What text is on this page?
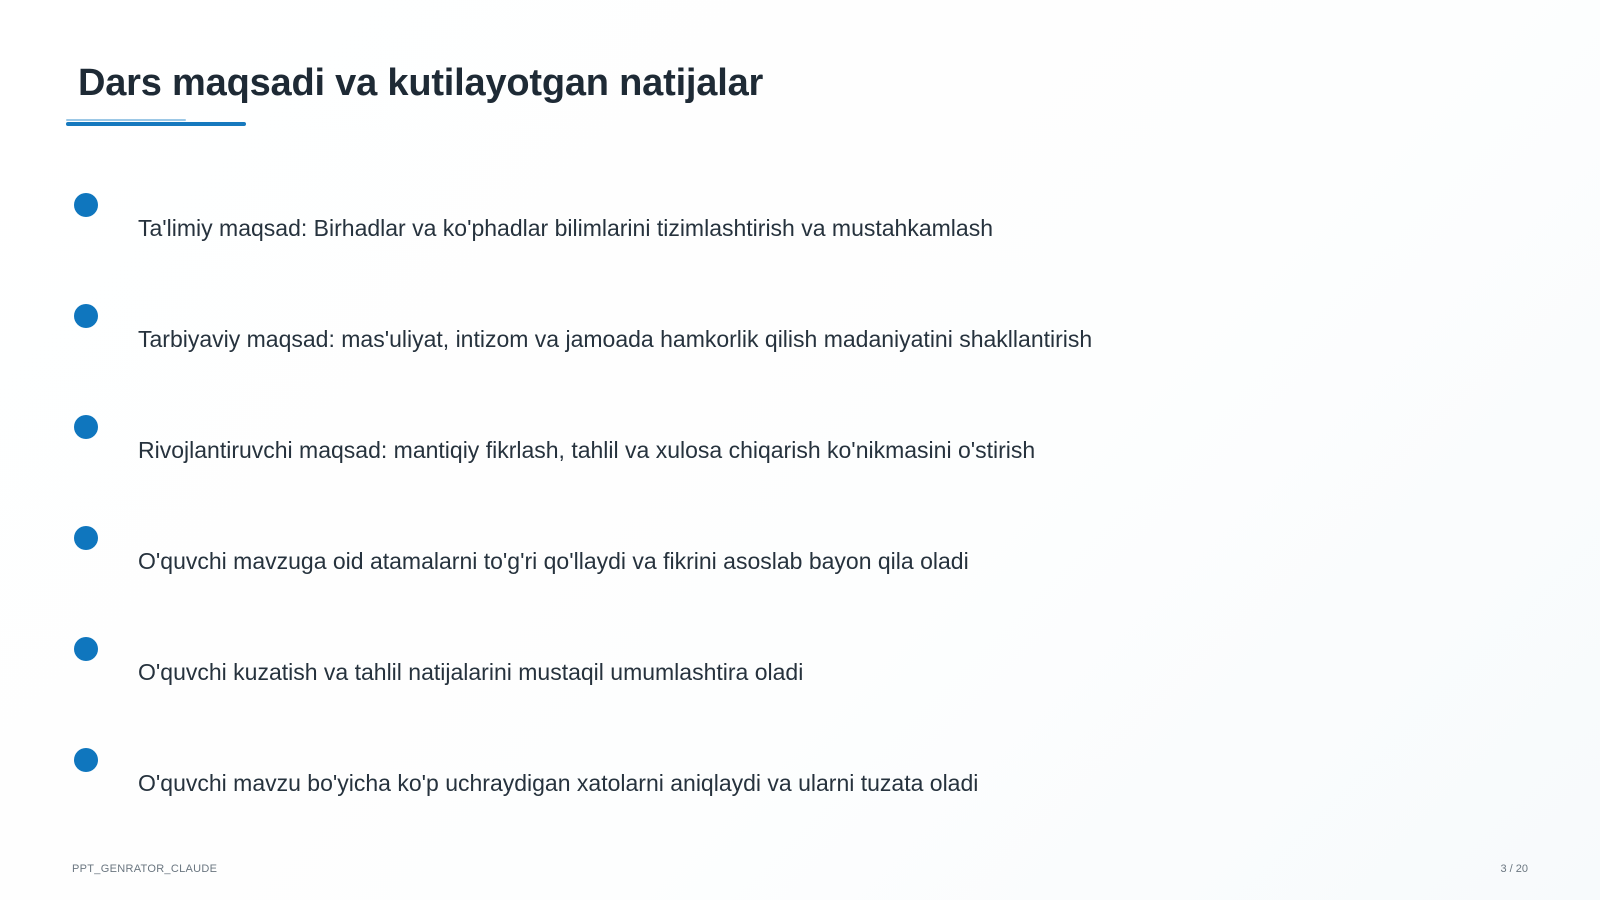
Dars maqsadi va kutilayotgan natijalar
Ta'limiy maqsad: Birhadlar va ko'phadlar bilimlarini tizimlashtirish va mustahkamlash
Tarbiyaviy maqsad: mas'uliyat, intizom va jamoada hamkorlik qilish madaniyatini shakllantirish
Rivojlantiruvchi maqsad: mantiqiy fikrlash, tahlil va xulosa chiqarish ko'nikmasini o'stirish
O'quvchi mavzuga oid atamalarni to'g'ri qo'llaydi va fikrini asoslab bayon qila oladi
O'quvchi kuzatish va tahlil natijalarini mustaqil umumlashtira oladi
O'quvchi mavzu bo'yicha ko'p uchraydigan xatolarni aniqlaydi va ularni tuzata oladi
PPT_GENRATOR_CLAUDE	3 / 20
